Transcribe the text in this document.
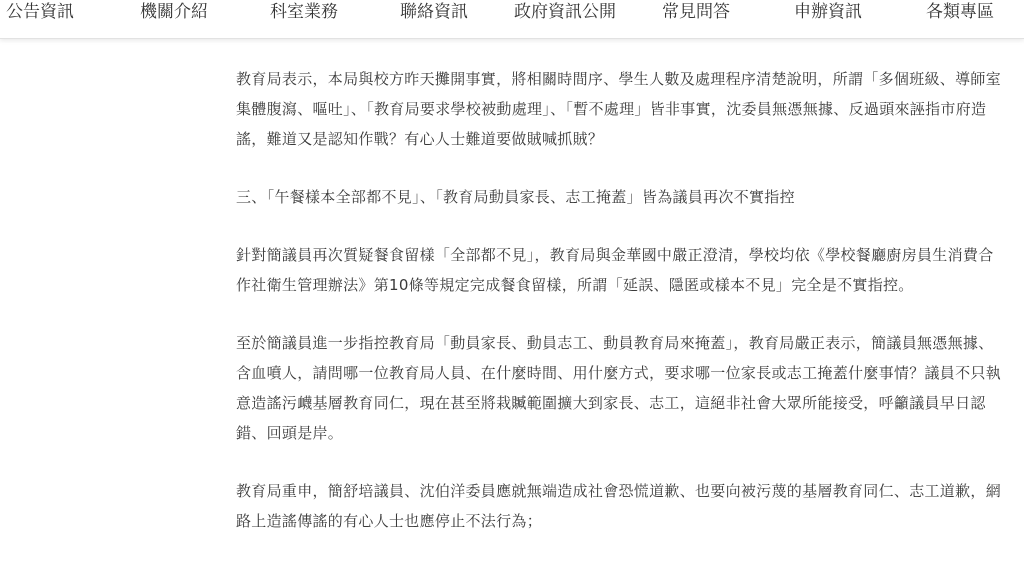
公告資訊	機關介紹	科室業務	聯絡資訊	政府資訊公開	常見問答	申辦資訊	各類專區

教育局表示，本局與校方昨天攤開事實，將相關時間序、學生人數及處理程序清楚說明，所謂「多個班級、導師室集體腹瀉、嘔吐」、「教育局要求學校被動處理」、「暫不處理」皆非事實，沈委員無憑無據、反過頭來誣指市府造謠，難道又是認知作戰？有心人士難道要做賊喊抓賊？

三、「午餐樣本全部都不見」、「教育局動員家長、志工掩蓋」皆為議員再次不實指控

針對簡議員再次質疑餐食留樣「全部都不見」，教育局與金華國中嚴正澄清，學校均依《學校餐廳廚房員生消費合作社衛生管理辦法》第10條等規定完成餐食留樣，所謂「延誤、隱匿或樣本不見」完全是不實指控。

至於簡議員進一步指控教育局「動員家長、動員志工、動員教育局來掩蓋」，教育局嚴正表示，簡議員無憑無據、含血噴人，請問哪一位教育局人員、在什麼時間、用什麼方式，要求哪一位家長或志工掩蓋什麼事情？議員不只執意造謠污衊基層教育同仁，現在甚至將栽贓範圍擴大到家長、志工，這絕非社會大眾所能接受，呼籲議員早日認錯、回頭是岸。

教育局重申，簡舒培議員、沈伯洋委員應就無端造成社會恐慌道歉、也要向被污蔑的基層教育同仁、志工道歉，網路上造謠傳謠的有心人士也應停止不法行為；
